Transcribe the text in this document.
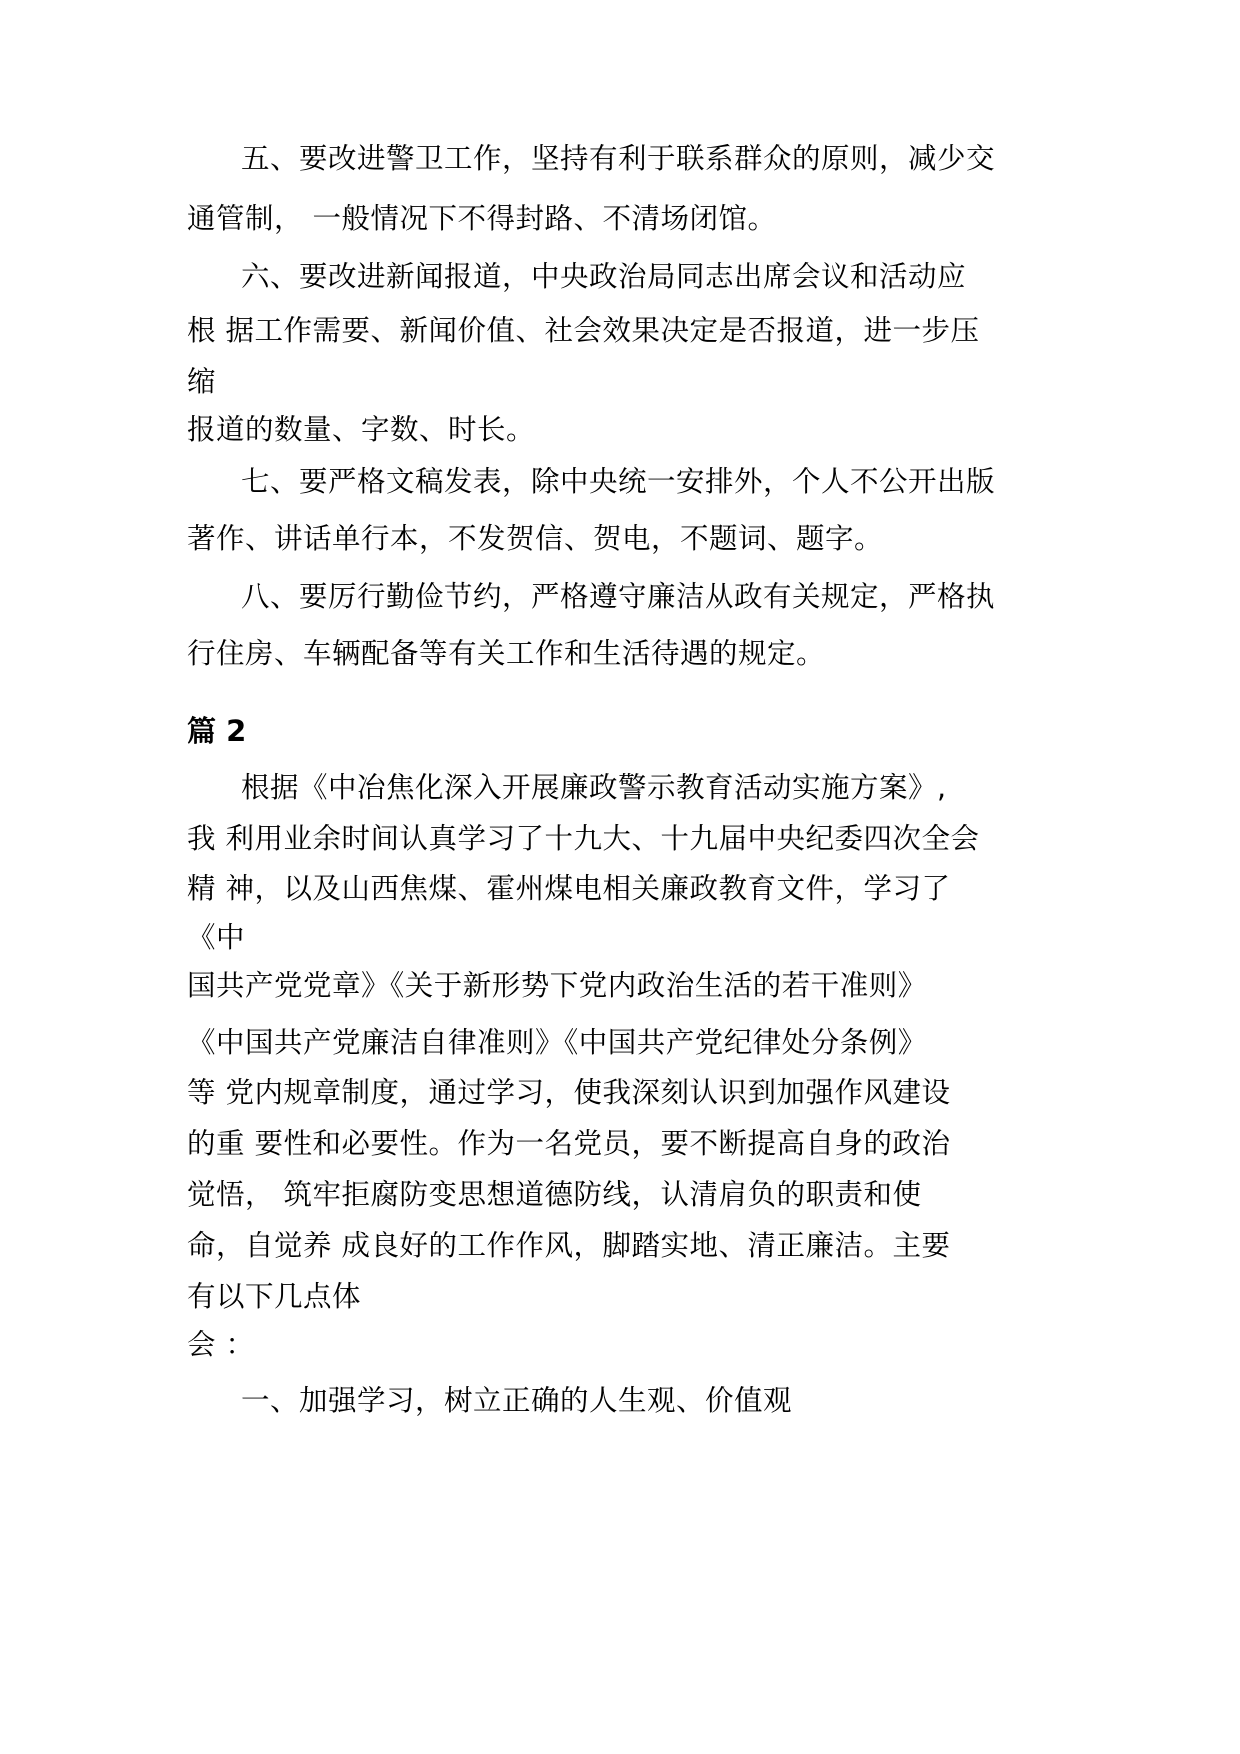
五、要改进警卫工作，坚持有利于联系群众的原则，减少交
通管制， 一般情况下不得封路、不清场闭馆。
六、要改进新闻报道，中央政治局同志出席会议和活动应
根 据工作需要、新闻价值、社会效果决定是否报道，进一步压
缩
报道的数量、字数、时长。
七、要严格文稿发表，除中央统一安排外，个人不公开出版
著作、讲话单行本，不发贺信、贺电，不题词、题字。
八、要厉行勤俭节约，严格遵守廉洁从政有关规定，严格执
行住房、车辆配备等有关工作和生活待遇的规定。
篇 2
根据《中冶焦化深入开展廉政警示教育活动实施方案》,
我 利用业余时间认真学习了十九大、十九届中央纪委四次全会
精 神，以及山西焦煤、霍州煤电相关廉政教育文件，学习了
《中
国共产党党章》《关于新形势下党内政治生活的若干准则》
《中国共产党廉洁自律准则》《中国共产党纪律处分条例》
等 党内规章制度，通过学习，使我深刻认识到加强作风建设
的重 要性和必要性。作为一名党员，要不断提高自身的政治
觉悟， 筑牢拒腐防变思想道德防线，认清肩负的职责和使
命，自觉养 成良好的工作作风，脚踏实地、清正廉洁。主要
有以下几点体
会 ：
一、加强学习，树立正确的人生观、价值观
